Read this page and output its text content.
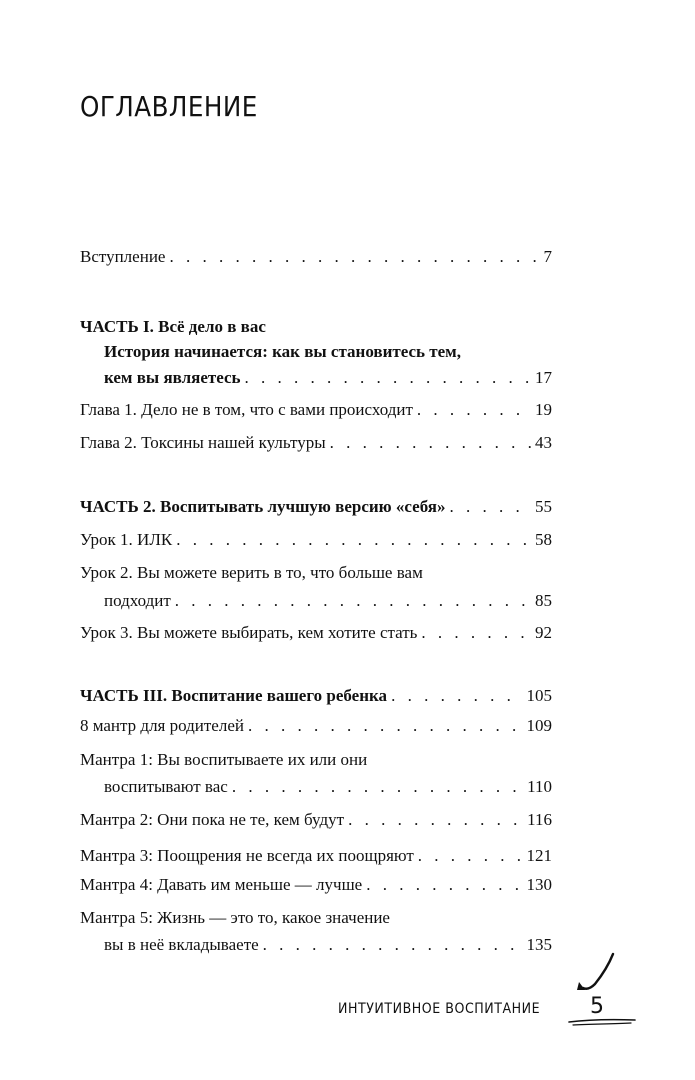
ОГЛАВЛЕНИЕ
Вступление . . .	7
ЧАСТЬ I. Всё дело в вас
История начинается: как вы становитесь тем,
кем вы являетесь . . .	17
Глава 1. Дело не в том, что с вами происходит . . .	19
Глава 2. Токсины нашей культуры . . .	43
ЧАСТЬ 2. Воспитывать лучшую версию «себя» . . .	55
Урок 1. ИЛК . . .	58
Урок 2. Вы можете верить в то, что больше вам
подходит . . .	85
Урок 3. Вы можете выбирать, кем хотите стать . . .	92
ЧАСТЬ III. Воспитание вашего ребенка . . .	105
8 мантр для родителей . . .	109
Мантра 1: Вы воспитываете их или они
воспитывают вас . . .	110
Мантра 2: Они пока не те, кем будут . . .	116
Мантра 3: Поощрения не всегда их поощряют . . .	121
Мантра 4: Давать им меньше — лучше . . .	130
Мантра 5: Жизнь — это то, какое значение
вы в неё вкладываете . . .	135
ИНТУИТИВНОЕ ВОСПИТАНИЕ 5
